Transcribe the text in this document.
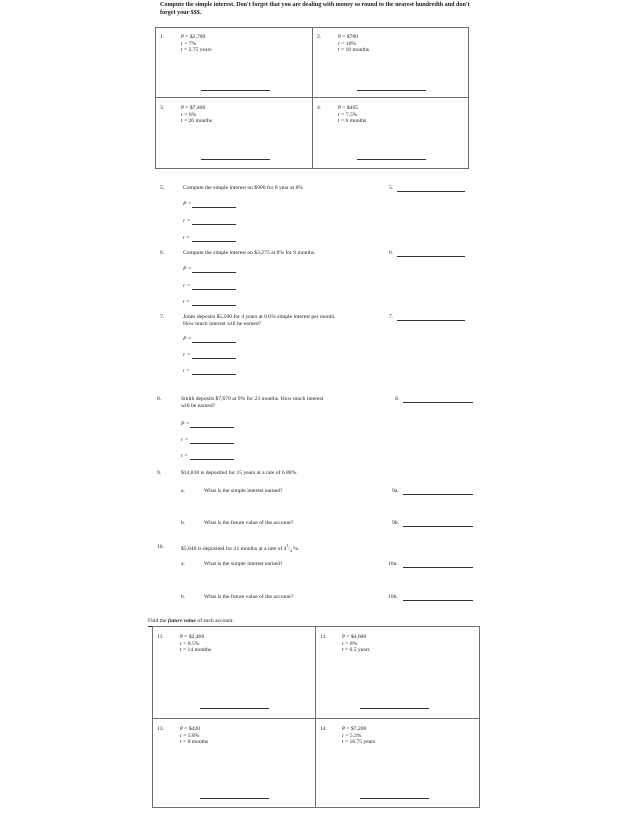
Compute the simple interest. Don't forget that you are dealing with money so round to the nearest hundredth and don't forget your $$$.
1.	P = $2,700
r = 7%
t = 2.75 years
2.	P = $700
r = 10%
t = 18 months
3.	P = $7,400
r = 6%
t = 26 months
4.	P = $465
r = 7.5%
t = 6 months
5.	Compute the simple interest on $900 for 8 year at 8%	5.
P =
r =
t =
6.	Compute the simple interest on $3,275 at 8% for 9 months.	6.
P =
r =
t =
7.	Jones deposits $5,500 for 4 years at 0.6% simple interest per month.
How much interest will be earned?
7.
P =
r =
t =
8.	Smith deposits $7,670 at 9% for 23 months. How much interest
will be earned?
8.
P =
r =
t =
9.	$14,830 is deposited for 15 years at a rate of 6.88%.
a.	What is the simple interest earned?	9a.
b.	What is the future value of the account?	9b.
10.	$5,640 is deposited for 21 months at a rate of $4^1/_4$ %.
a.	What is the simple interest earned?	10a.
b.	What is the future value of the account?	10b.
Find the future value of each account.
11.	P = $2,460
r = 8.5%
t = 14 months
12.	P = $4,600
r = 8%
t = 6.5 years
13.	P = $420
r = 5.8%
t = 8 months
14.	P = $7,200
r = 5.3%
t = 16.75 years
